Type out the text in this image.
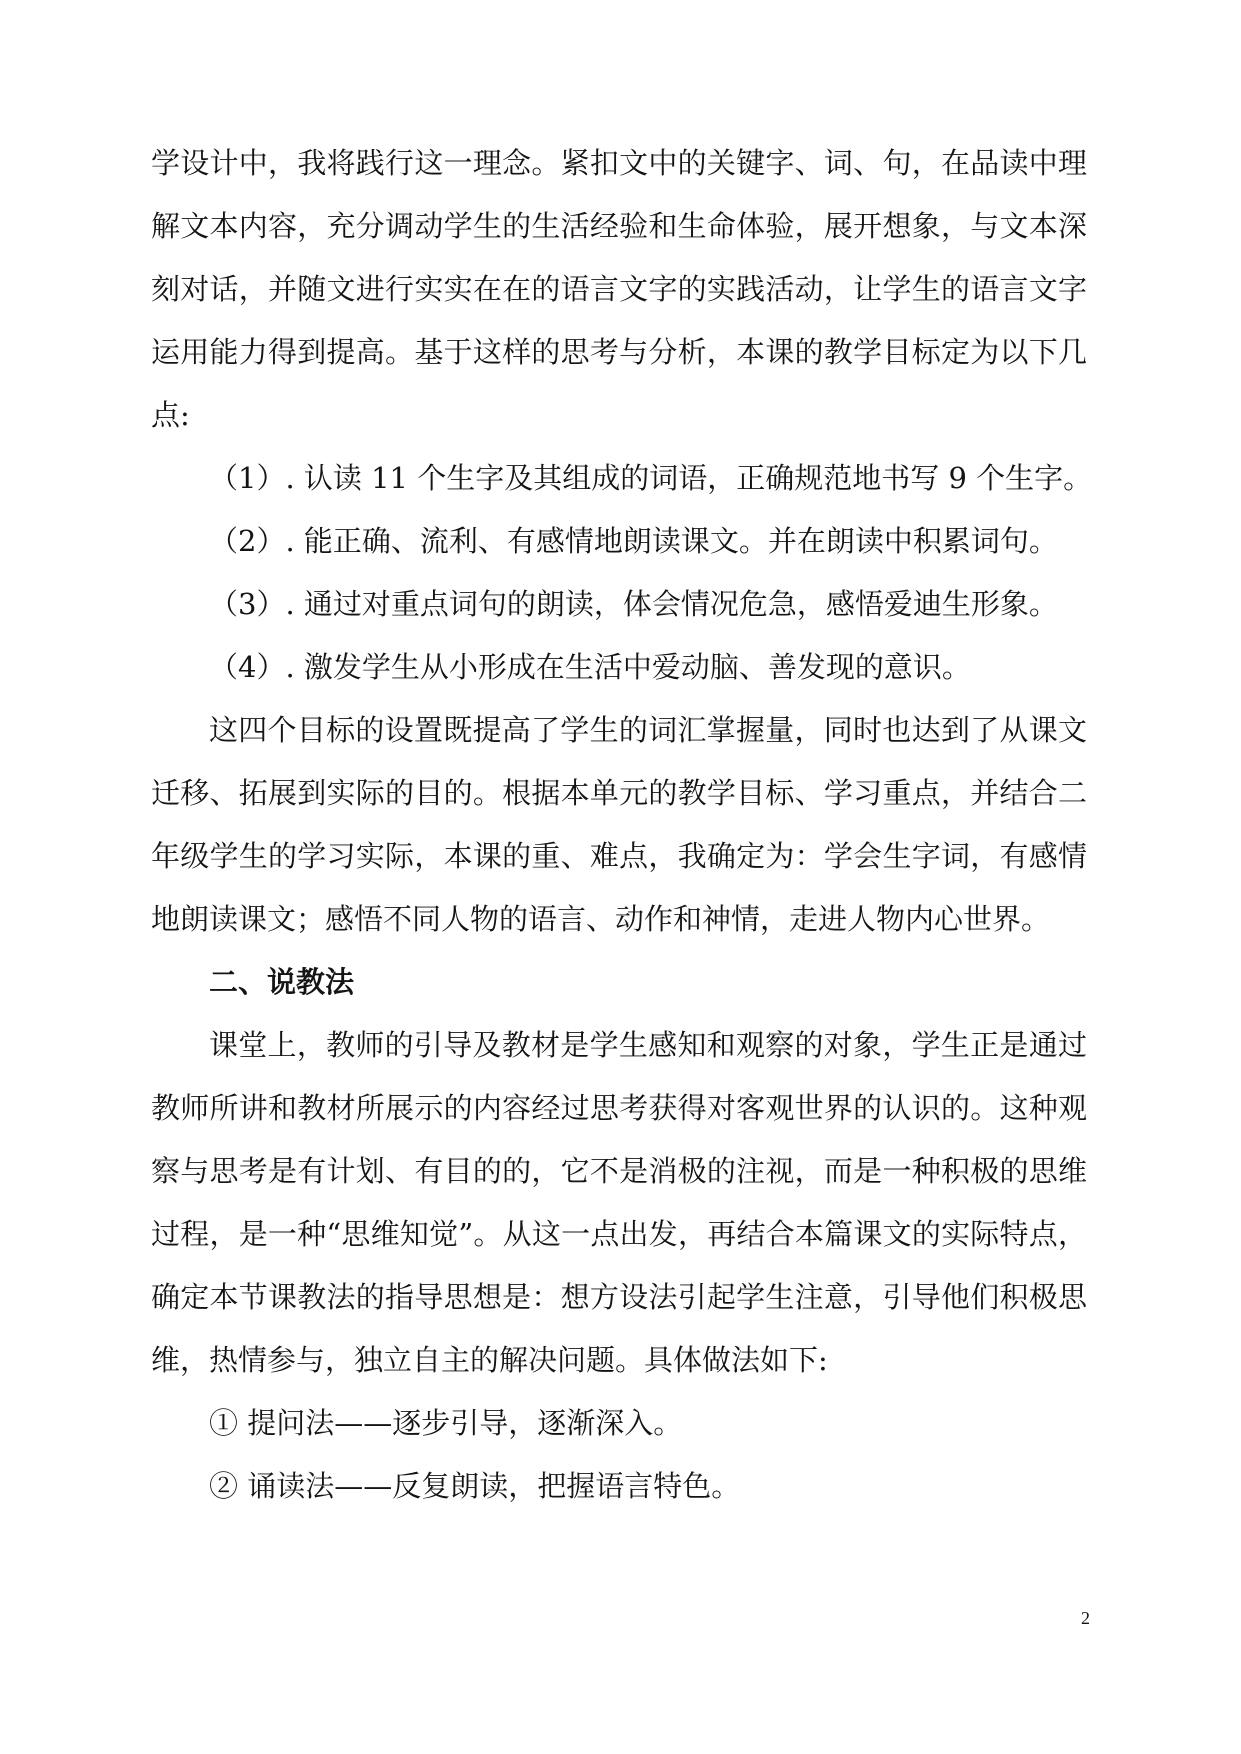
学设计中，我将践行这一理念。紧扣文中的关键字、词、句，在品读中理
解文本内容，充分调动学生的生活经验和生命体验，展开想象，与文本深
刻对话，并随文进行实实在在的语言文字的实践活动，让学生的语言文字
运用能力得到提高。基于这样的思考与分析，本课的教学目标定为以下几
点:
（1）. 认读 11 个生字及其组成的词语，正确规范地书写 9 个生字。
（2）. 能正确、流利、有感情地朗读课文。并在朗读中积累词句。
（3）. 通过对重点词句的朗读，体会情况危急，感悟爱迪生形象。
（4）. 激发学生从小形成在生活中爱动脑、善发现的意识。
这四个目标的设置既提高了学生的词汇掌握量，同时也达到了从课文
迁移、拓展到实际的目的。根据本单元的教学目标、学习重点，并结合二
年级学生的学习实际，本课的重、难点，我确定为：学会生字词，有感情
地朗读课文；感悟不同人物的语言、动作和神情，走进人物内心世界。
二、说教法
课堂上，教师的引导及教材是学生感知和观察的对象，学生正是通过
教师所讲和教材所展示的内容经过思考获得对客观世界的认识的。这种观
察与思考是有计划、有目的的，它不是消极的注视，而是一种积极的思维
过程，是一种“思维知觉”。从这一点出发，再结合本篇课文的实际特点，
确定本节课教法的指导思想是：想方设法引起学生注意，引导他们积极思
维，热情参与，独立自主的解决问题。具体做法如下:
① 提问法——逐步引导，逐渐深入。
② 诵读法——反复朗读，把握语言特色。
2
